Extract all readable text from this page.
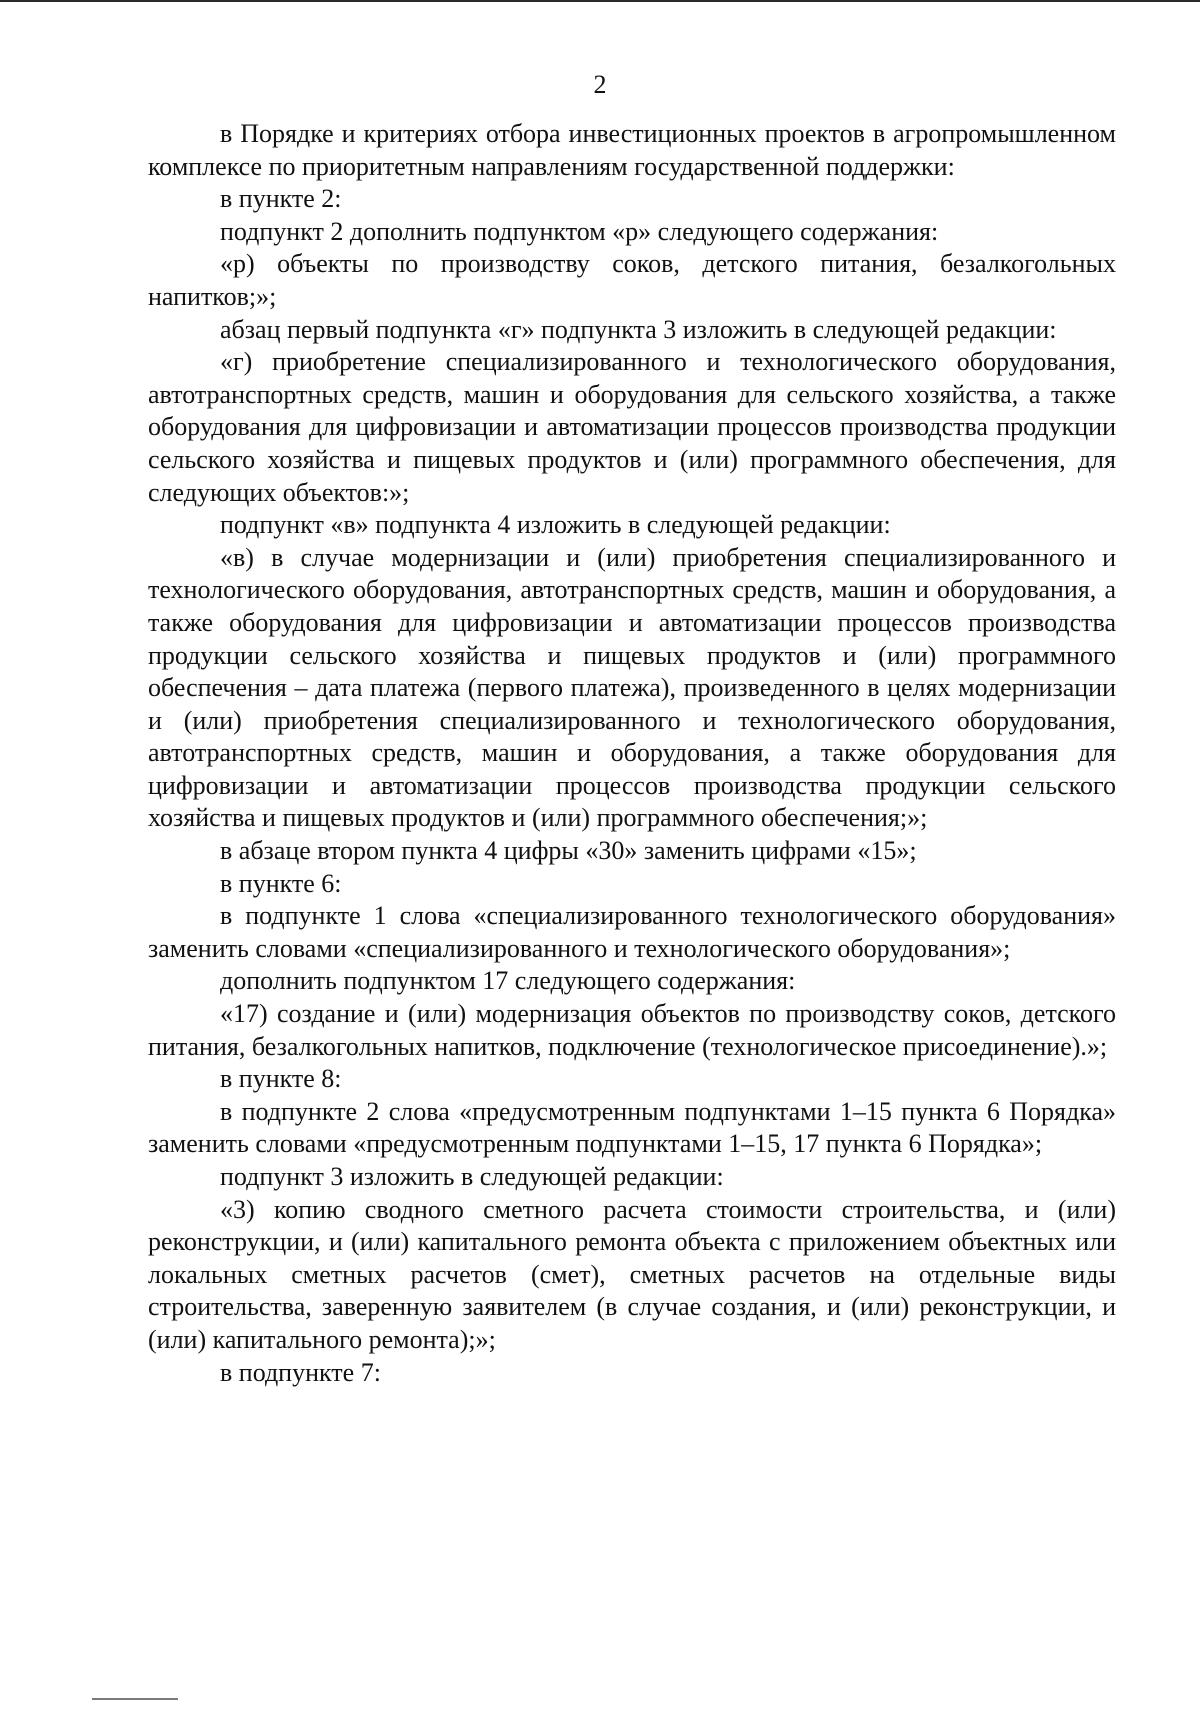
2

в Порядке и критериях отбора инвестиционных проектов в агропромышленном комплексе по приоритетным направлениям государственной поддержки:

в пункте 2:

подпункт 2 дополнить подпунктом «р» следующего содержания:

«р) объекты по производству соков, детского питания, безалкогольных напитков;»;

абзац первый подпункта «г» подпункта 3 изложить в следующей редакции:

«г) приобретение специализированного и технологического оборудования, автотранспортных средств, машин и оборудования для сельского хозяйства, а также оборудования для цифровизации и автоматизации процессов производства продукции сельского хозяйства и пищевых продуктов и (или) программного обеспечения, для следующих объектов:»;

подпункт «в» подпункта 4 изложить в следующей редакции:

«в) в случае модернизации и (или) приобретения специализированного и технологического оборудования, автотранспортных средств, машин и оборудования, а также оборудования для цифровизации и автоматизации процессов производства продукции сельского хозяйства и пищевых продуктов и (или) программного обеспечения – дата платежа (первого платежа), произведенного в целях модернизации и (или) приобретения специализированного и технологического оборудования, автотранспортных средств, машин и оборудования, а также оборудования для цифровизации и автоматизации процессов производства продукции сельского хозяйства и пищевых продуктов и (или) программного обеспечения;»;

в абзаце втором пункта 4 цифры «30» заменить цифрами «15»;

в пункте 6:

в подпункте 1 слова «специализированного технологического оборудования» заменить словами «специализированного и технологического оборудования»;

дополнить подпунктом 17 следующего содержания:

«17) создание и (или) модернизация объектов по производству соков, детского питания, безалкогольных напитков, подключение (технологическое присоединение).»;

в пункте 8:

в подпункте 2 слова «предусмотренным подпунктами 1–15 пункта 6 Порядка» заменить словами «предусмотренным подпунктами 1–15, 17 пункта 6 Порядка»;

подпункт 3 изложить в следующей редакции:

«3) копию сводного сметного расчета стоимости строительства, и (или) реконструкции, и (или) капитального ремонта объекта с приложением объектных или локальных сметных расчетов (смет), сметных расчетов на отдельные виды строительства, заверенную заявителем (в случае создания, и (или) реконструкции, и (или) капитального ремонта);»;

в подпункте 7:
